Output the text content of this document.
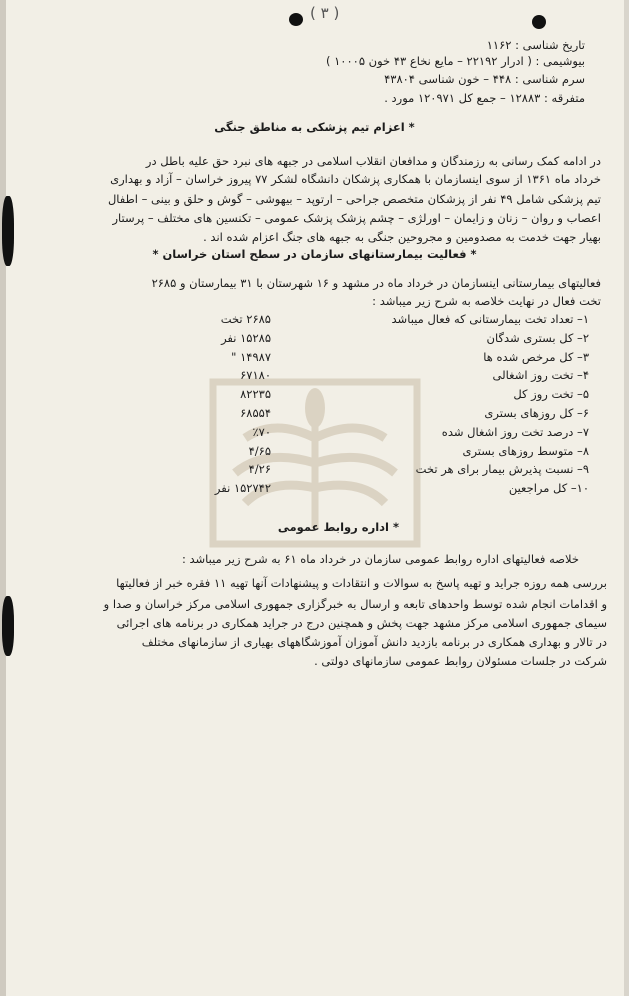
( ۳ )
تاریخ شناسی : ۱۱۶۲
بیوشیمی : ( ادرار ۲۲۱۹۲ – مایع نخاع ۴۳ خون ۱۰۰۰۵ )
سرم شناسی : ۴۴۸ – خون شناسی ۴۳۸۰۴
متفرقه : ۱۲۸۸۳ – جمع کل ۱۲۰۹۷۱ مورد .
* اعزام تیم پزشکی به مناطق جنگی
در ادامه کمک رسانی به رزمندگان و مدافعان انقلاب اسلامی در جبهه های نبرد حق علیه باطل در
خرداد ماه ۱۳۶۱ از سوی اینسازمان با همکاری پزشکان دانشگاه لشکر ۷۷ پیروز خراسان – آزاد و بهداری
تیم پزشکی شامل ۴۹ نفر از پزشکان متخصص جراحی – ارتوپد – بیهوشی – گوش و حلق و بینی – اطفال
اعصاب و روان – زنان و زایمان – اورلژی – چشم پزشک پزشک عمومی – تکنسین های مختلف – پرستار
بهیار جهت خدمت به مصدومین و مجروحین جنگی به جبهه های جنگ اعزام شده اند .
* فعالیت بیمارستانهای سازمان در سطح استان خراسان *
فعالیتهای بیمارستانی اینسازمان در خرداد ماه در مشهد و ۱۶ شهرستان با ۳۱ بیمارستان و ۲۶۸۵
تخت فعال در نهایت خلاصه به شرح زیر میباشد :
۱– تعداد تخت بیمارستانی که فعال میباشد
۲۶۸۵ تخت
۲– کل بستری شدگان
۱۵۲۸۵ نفر
۳– کل مرخص شده ها
۱۴۹۸۷ "
۴– تخت روز اشغالی
۶۷۱۸۰
۵– تخت روز کل
۸۲۲۳۵
۶– کل روزهای بستری
۶۸۵۵۴
۷– درصد تخت روز اشغال شده
٪۷۰
۸– متوسط روزهای بستری
۴/۶۵
۹– نسبت پذیرش بیمار برای هر تخت
۴/۲۶
۱۰– کل مراجعین
۱۵۲۷۴۲ نفر
* اداره روابط عمومی
خلاصه فعالیتهای اداره روابط عمومی سازمان در خرداد ماه ۶۱ به شرح زیر میباشد :
بررسی همه روزه جراید و تهیه پاسخ به سوالات و انتقادات و پیشنهادات آنها تهیه ۱۱ فقره خبر از فعالیتها
و اقدامات انجام شده توسط واحدهای تابعه و ارسال به خبرگزاری جمهوری اسلامی مرکز خراسان و صدا و
سیمای جمهوری اسلامی مرکز مشهد جهت پخش و همچنین درج در جراید همکاری در برنامه های اجرائی
در تالار و بهداری همکاری در برنامه بازدید دانش آموزان آموزشگاههای بهیاری از سازمانهای مختلف
شرکت در جلسات مسئولان روابط عمومی سازمانهای دولتی .
